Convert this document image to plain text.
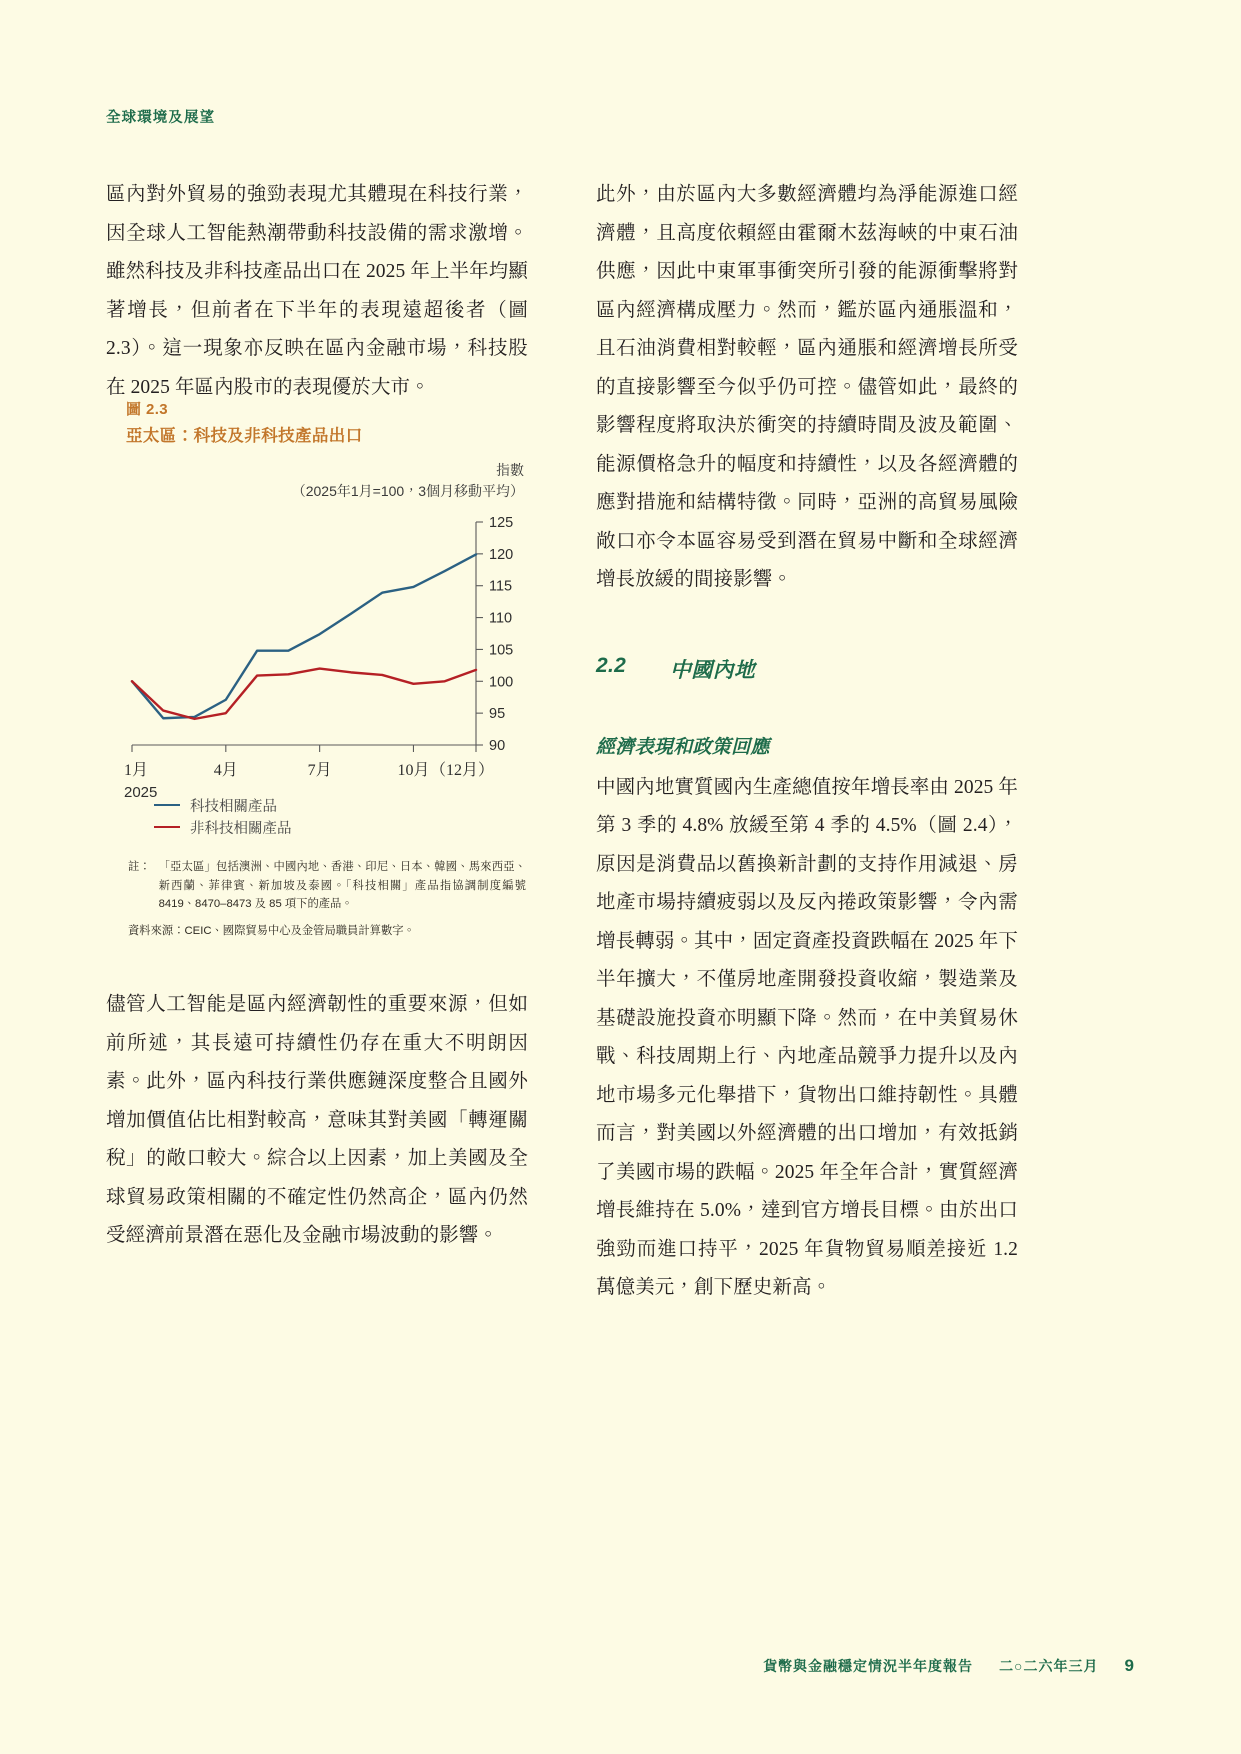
全球環境及展望

區內對外貿易的強勁表現尤其體現在科技行業，因全球人工智能熱潮帶動科技設備的需求激增。雖然科技及非科技產品出口在 2025 年上半年均顯著增長，但前者在下半年的表現遠超後者（圖 2.3）。這一現象亦反映在區內金融市場，科技股在 2025 年區內股市的表現優於大市。

圖 2.3
亞太區：科技及非科技產品出口
指數
（2025年1月=100，3個月移動平均）
90
95
100
105
110
115
120
125
1月	4月	7月	10月 （12月）
2025
科技相關產品
非科技相關產品
註： 「亞太區」包括澳洲、中國內地、香港、印尼、日本、韓國、馬來西亞、新西蘭、菲律賓、新加坡及泰國。「科技相關」產品指協調制度編號 8419、8470–8473 及 85 項下的產品。
資料來源：CEIC、國際貿易中心及金管局職員計算數字。

儘管人工智能是區內經濟韌性的重要來源，但如前所述，其長遠可持續性仍存在重大不明朗因素。此外，區內科技行業供應鏈深度整合且國外增加價值佔比相對較高，意味其對美國「轉運關稅」的敞口較大。綜合以上因素，加上美國及全球貿易政策相關的不確定性仍然高企，區內仍然受經濟前景潛在惡化及金融市場波動的影響。

此外，由於區內大多數經濟體均為淨能源進口經濟體，且高度依賴經由霍爾木茲海峽的中東石油供應，因此中東軍事衝突所引發的能源衝擊將對區內經濟構成壓力。然而，鑑於區內通脹溫和，且石油消費相對較輕，區內通脹和經濟增長所受的直接影響至今似乎仍可控。儘管如此，最終的影響程度將取決於衝突的持續時間及波及範圍、能源價格急升的幅度和持續性，以及各經濟體的應對措施和結構特徵。同時，亞洲的高貿易風險敞口亦令本區容易受到潛在貿易中斷和全球經濟增長放緩的間接影響。

2.2	中國內地
經濟表現和政策回應

中國內地實質國內生產總值按年增長率由 2025 年第 3 季的 4.8% 放緩至第 4 季的 4.5%（圖 2.4），原因是消費品以舊換新計劃的支持作用減退、房地產市場持續疲弱以及反內捲政策影響，令內需增長轉弱。其中，固定資產投資跌幅在 2025 年下半年擴大，不僅房地產開發投資收縮，製造業及基礎設施投資亦明顯下降。然而，在中美貿易休戰、科技周期上行、內地產品競爭力提升以及內地市場多元化舉措下，貨物出口維持韌性。具體而言，對美國以外經濟體的出口增加，有效抵銷了美國市場的跌幅。2025 年全年合計，實質經濟增長維持在 5.0%，達到官方增長目標。由於出口強勁而進口持平，2025 年貨物貿易順差接近 1.2 萬億美元，創下歷史新高。

貨幣與金融穩定情況半年度報告 二○二六年三月 9
